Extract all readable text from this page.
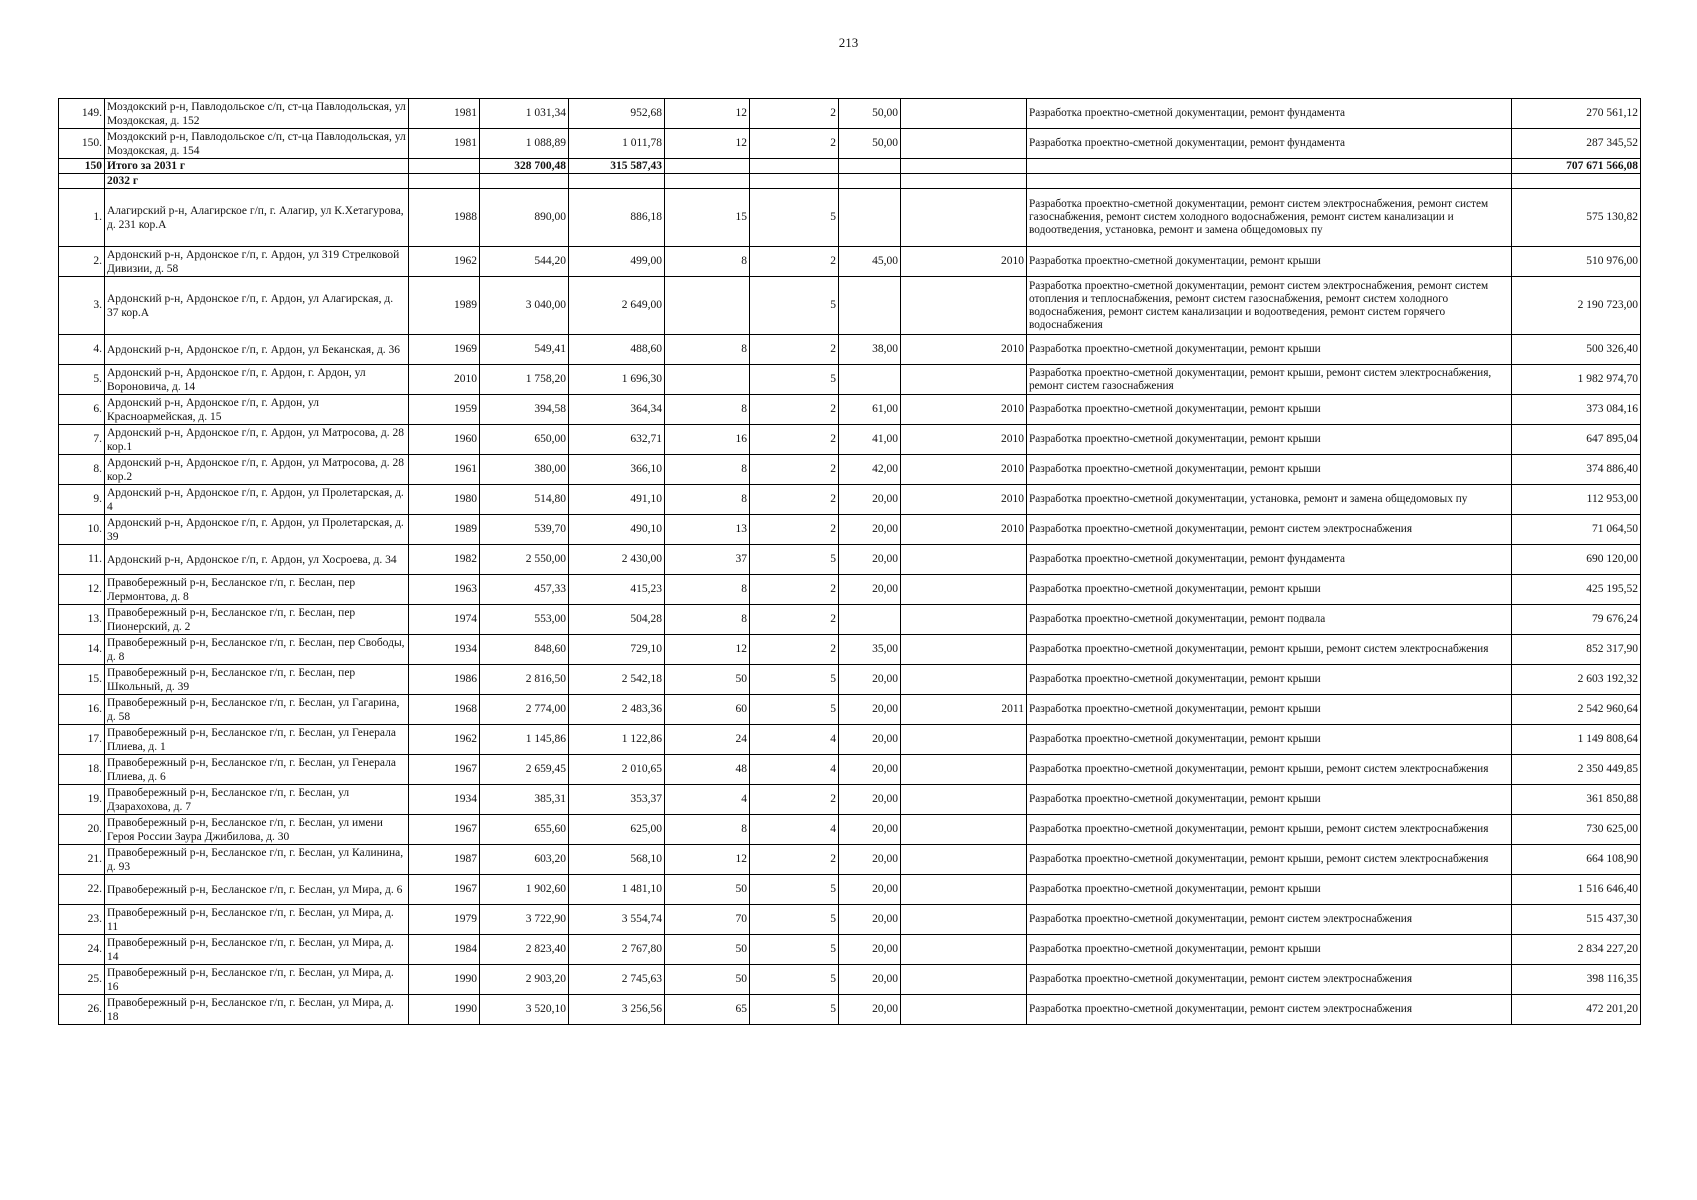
213
149.	Моздокский р-н, Павлодольское с/п, ст-ца Павлодольская, ул Моздокская, д. 152	1981	1 031,34	952,68	12	2	50,00		Разработка проектно-сметной документации, ремонт фундамента	270 561,12
150.	Моздокский р-н, Павлодольское с/п, ст-ца Павлодольская, ул Моздокская, д. 154	1981	1 088,89	1 011,78	12	2	50,00		Разработка проектно-сметной документации, ремонт фундамента	287 345,52
150	Итого за 2031 г		328 700,48	315 587,43						707 671 566,08
	2032 г									
1.	Алагирский р-н, Алагирское г/п, г. Алагир, ул К.Хетагурова, д. 231 кор.А	1988	890,00	886,18	15	5			Разработка проектно-сметной документации, ремонт систем электроснабжения, ремонт систем газоснабжения, ремонт систем холодного водоснабжения, ремонт систем канализации и водоотведения, установка, ремонт и замена общедомовых пу	575 130,82
2.	Ардонский р-н, Ардонское г/п, г. Ардон, ул 319 Стрелковой Дивизии, д. 58	1962	544,20	499,00	8	2	45,00	2010	Разработка проектно-сметной документации, ремонт крыши	510 976,00
3.	Ардонский р-н, Ардонское г/п, г. Ардон, ул Алагирская, д. 37 кор.А	1989	3 040,00	2 649,00		5			Разработка проектно-сметной документации, ремонт систем электроснабжения, ремонт систем отопления и теплоснабжения, ремонт систем газоснабжения, ремонт систем холодного водоснабжения, ремонт систем канализации и водоотведения, ремонт систем горячего водоснабжения	2 190 723,00
4.	Ардонский р-н, Ардонское г/п, г. Ардон, ул Беканская, д. 36	1969	549,41	488,60	8	2	38,00	2010	Разработка проектно-сметной документации, ремонт крыши	500 326,40
5.	Ардонский р-н, Ардонское г/п, г. Ардон, г. Ардон, ул Вороновича, д. 14	2010	1 758,20	1 696,30		5			Разработка проектно-сметной документации, ремонт крыши, ремонт систем электроснабжения, ремонт систем газоснабжения	1 982 974,70
6.	Ардонский р-н, Ардонское г/п, г. Ардон, ул Красноармейская, д. 15	1959	394,58	364,34	8	2	61,00	2010	Разработка проектно-сметной документации, ремонт крыши	373 084,16
7.	Ардонский р-н, Ардонское г/п, г. Ардон, ул Матросова, д. 28 кор.1	1960	650,00	632,71	16	2	41,00	2010	Разработка проектно-сметной документации, ремонт крыши	647 895,04
8.	Ардонский р-н, Ардонское г/п, г. Ардон, ул Матросова, д. 28 кор.2	1961	380,00	366,10	8	2	42,00	2010	Разработка проектно-сметной документации, ремонт крыши	374 886,40
9.	Ардонский р-н, Ардонское г/п, г. Ардон, ул Пролетарская, д. 4	1980	514,80	491,10	8	2	20,00	2010	Разработка проектно-сметной документации, установка, ремонт и замена общедомовых пу	112 953,00
10.	Ардонский р-н, Ардонское г/п, г. Ардон, ул Пролетарская, д. 39	1989	539,70	490,10	13	2	20,00	2010	Разработка проектно-сметной документации, ремонт систем электроснабжения	71 064,50
11.	Ардонский р-н, Ардонское г/п, г. Ардон, ул Хосроева, д. 34	1982	2 550,00	2 430,00	37	5	20,00		Разработка проектно-сметной документации, ремонт фундамента	690 120,00
12.	Правобережный р-н, Бесланское г/п, г. Беслан, пер Лермонтова, д. 8	1963	457,33	415,23	8	2	20,00		Разработка проектно-сметной документации, ремонт крыши	425 195,52
13.	Правобережный р-н, Бесланское г/п, г. Беслан, пер Пионерский, д. 2	1974	553,00	504,28	8	2			Разработка проектно-сметной документации, ремонт подвала	79 676,24
14.	Правобережный р-н, Бесланское г/п, г. Беслан, пер Свободы, д. 8	1934	848,60	729,10	12	2	35,00		Разработка проектно-сметной документации, ремонт крыши, ремонт систем электроснабжения	852 317,90
15.	Правобережный р-н, Бесланское г/п, г. Беслан, пер Школьный, д. 39	1986	2 816,50	2 542,18	50	5	20,00		Разработка проектно-сметной документации, ремонт крыши	2 603 192,32
16.	Правобережный р-н, Бесланское г/п, г. Беслан, ул Гагарина, д. 58	1968	2 774,00	2 483,36	60	5	20,00	2011	Разработка проектно-сметной документации, ремонт крыши	2 542 960,64
17.	Правобережный р-н, Бесланское г/п, г. Беслан, ул Генерала Плиева, д. 1	1962	1 145,86	1 122,86	24	4	20,00		Разработка проектно-сметной документации, ремонт крыши	1 149 808,64
18.	Правобережный р-н, Бесланское г/п, г. Беслан, ул Генерала Плиева, д. 6	1967	2 659,45	2 010,65	48	4	20,00		Разработка проектно-сметной документации, ремонт крыши, ремонт систем электроснабжения	2 350 449,85
19.	Правобережный р-н, Бесланское г/п, г. Беслан, ул Дзарахохова, д. 7	1934	385,31	353,37	4	2	20,00		Разработка проектно-сметной документации, ремонт крыши	361 850,88
20.	Правобережный р-н, Бесланское г/п, г. Беслан, ул имени Героя России Заура Джибилова, д. 30	1967	655,60	625,00	8	4	20,00		Разработка проектно-сметной документации, ремонт крыши, ремонт систем электроснабжения	730 625,00
21.	Правобережный р-н, Бесланское г/п, г. Беслан, ул Калинина, д. 93	1987	603,20	568,10	12	2	20,00		Разработка проектно-сметной документации, ремонт крыши, ремонт систем электроснабжения	664 108,90
22.	Правобережный р-н, Бесланское г/п, г. Беслан, ул Мира, д. 6	1967	1 902,60	1 481,10	50	5	20,00		Разработка проектно-сметной документации, ремонт крыши	1 516 646,40
23.	Правобережный р-н, Бесланское г/п, г. Беслан, ул Мира, д. 11	1979	3 722,90	3 554,74	70	5	20,00		Разработка проектно-сметной документации, ремонт систем электроснабжения	515 437,30
24.	Правобережный р-н, Бесланское г/п, г. Беслан, ул Мира, д. 14	1984	2 823,40	2 767,80	50	5	20,00		Разработка проектно-сметной документации, ремонт крыши	2 834 227,20
25.	Правобережный р-н, Бесланское г/п, г. Беслан, ул Мира, д. 16	1990	2 903,20	2 745,63	50	5	20,00		Разработка проектно-сметной документации, ремонт систем электроснабжения	398 116,35
26.	Правобережный р-н, Бесланское г/п, г. Беслан, ул Мира, д. 18	1990	3 520,10	3 256,56	65	5	20,00		Разработка проектно-сметной документации, ремонт систем электроснабжения	472 201,20
